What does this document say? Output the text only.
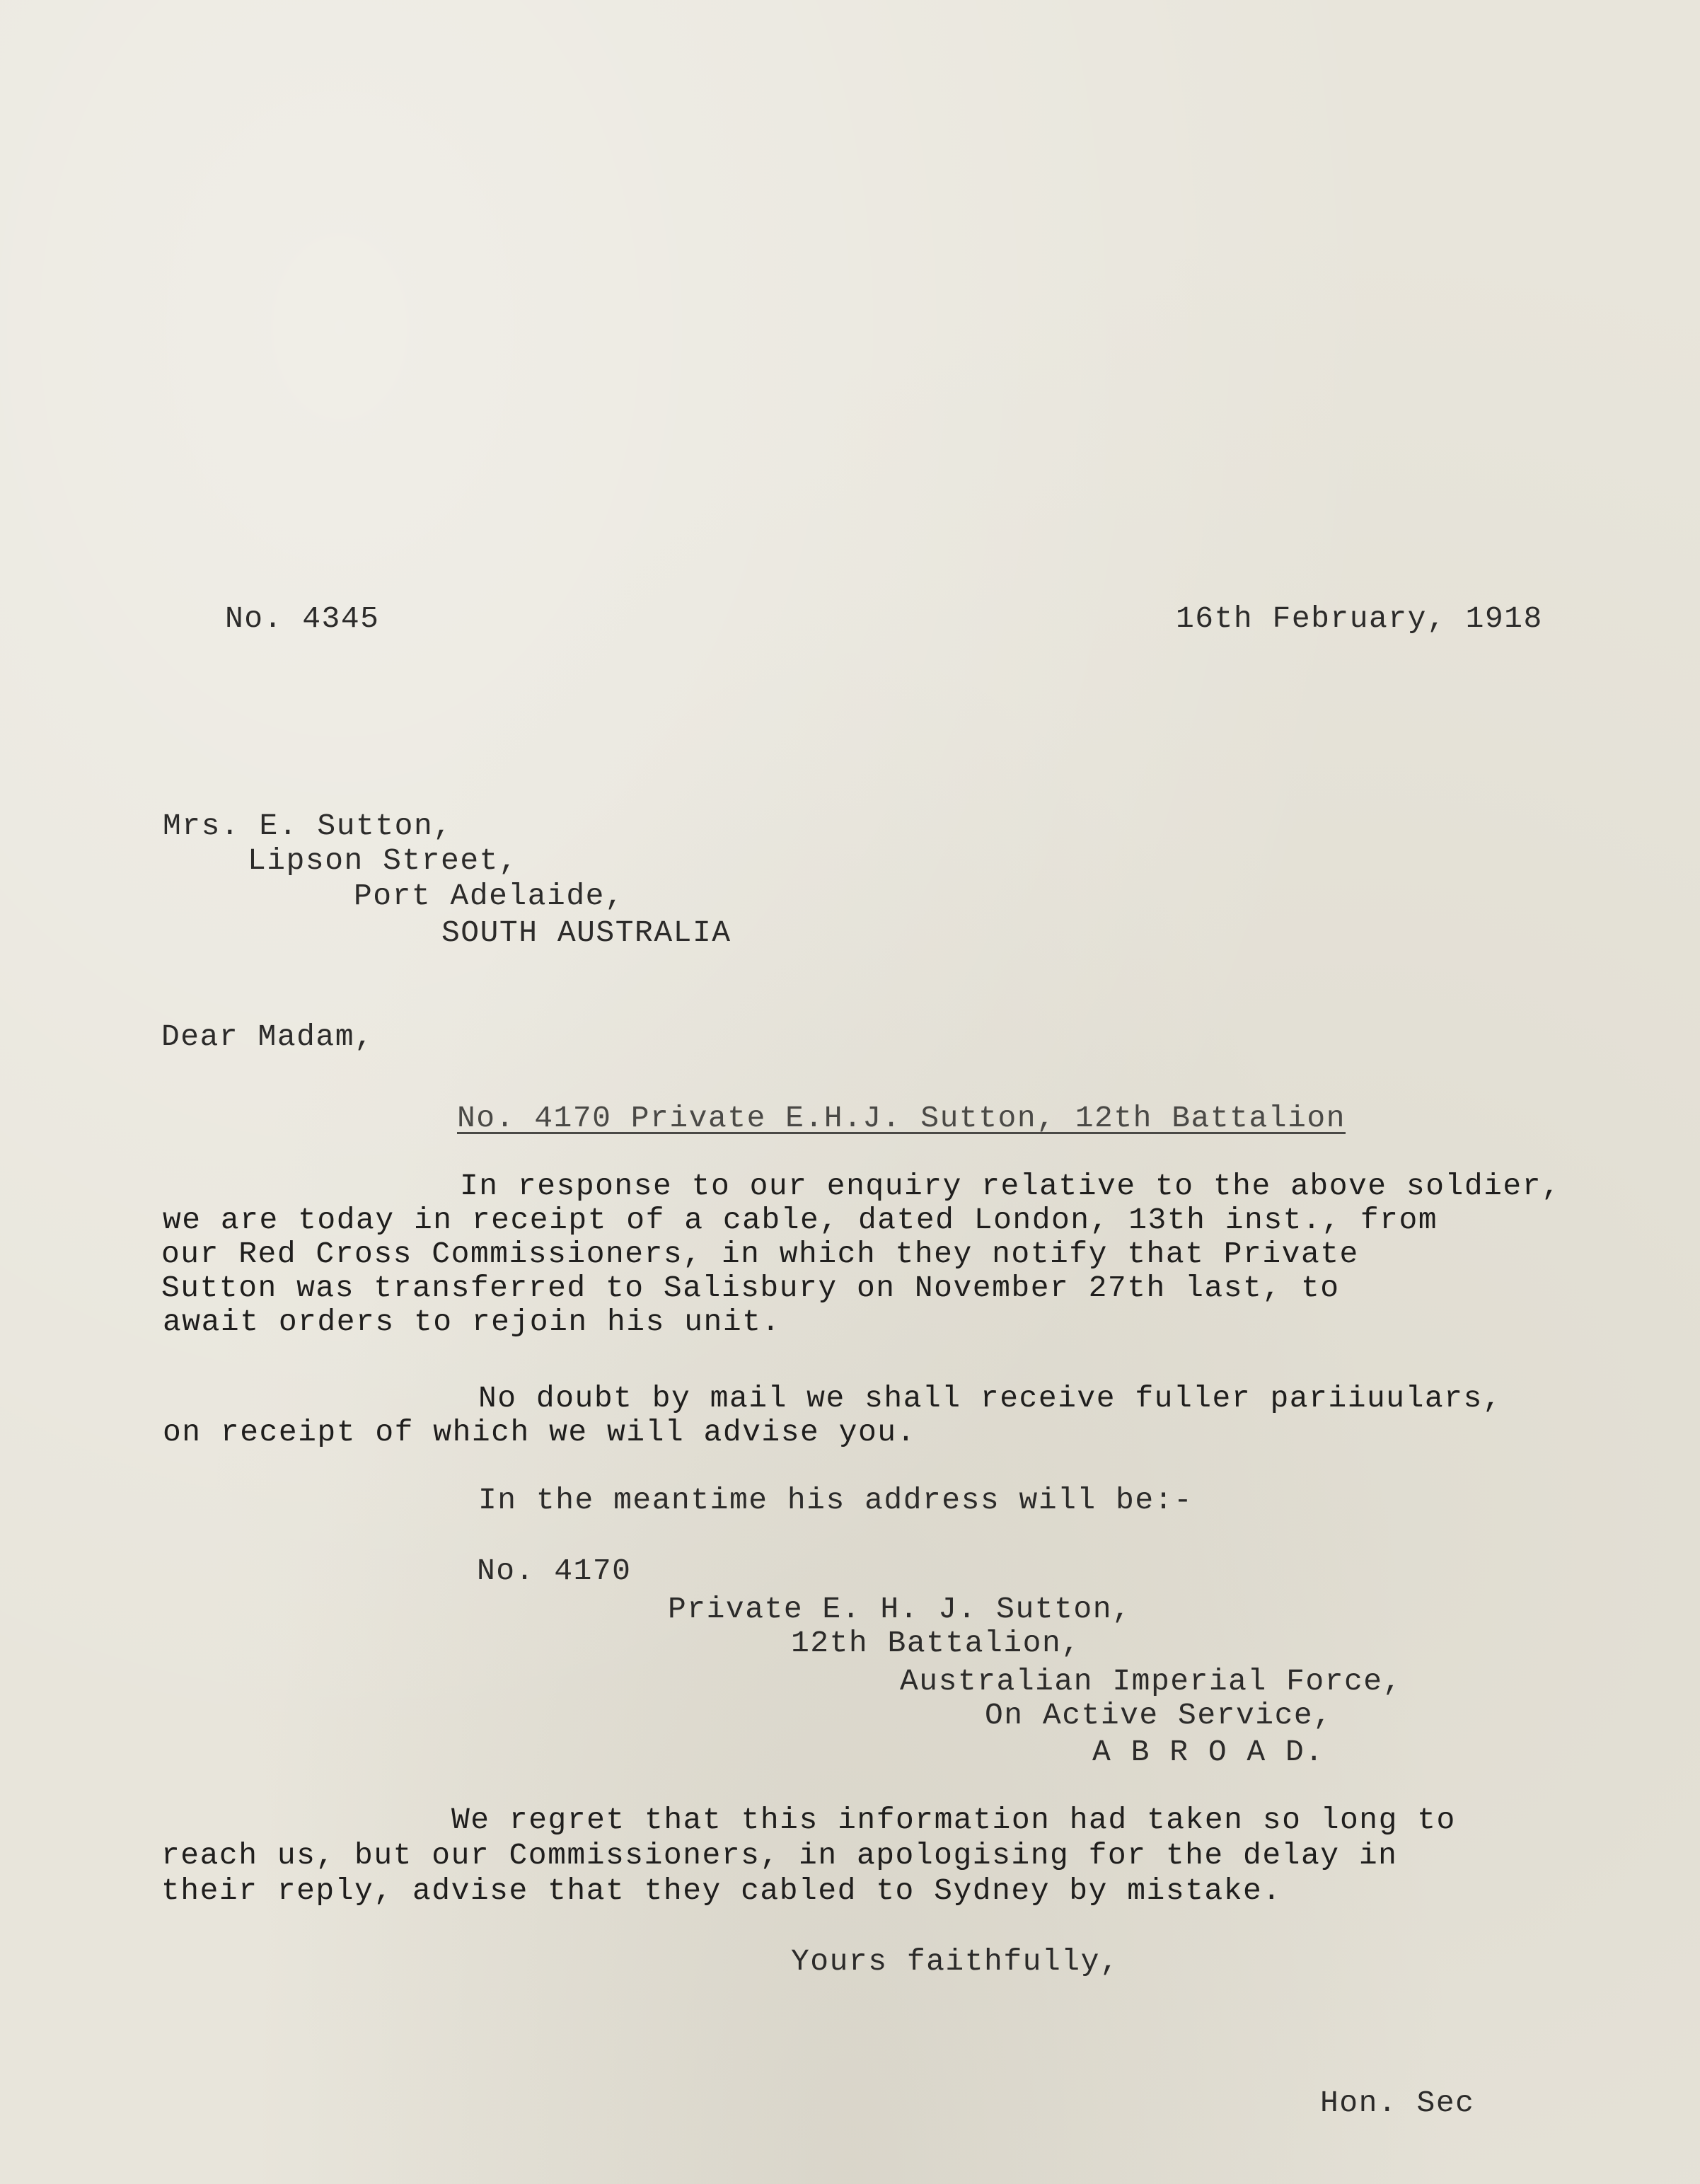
No. 4345	16th February, 1918
Mrs. E. Sutton,
Lipson Street,
Port Adelaide,
SOUTH AUSTRALIA
Dear Madam,
No. 4170 Private E.H.J. Sutton, 12th Battalion
In response to our enquiry relative to the above soldier,
we are today in receipt of a cable, dated London, 13th inst., from
our Red Cross Commissioners, in which they notify that Private
Sutton was transferred to Salisbury on November 27th last, to
await orders to rejoin his unit.
No doubt by mail we shall receive fuller pariiuulars,
on receipt of which we will advise you.
In the meantime his address will be:-
No. 4170
Private E. H. J. Sutton,
12th Battalion,
Australian Imperial Force,
On Active Service,
A B R O A D.
We regret that this information had taken so long to
reach us, but our Commissioners, in apologising for the delay in
their reply, advise that they cabled to Sydney by mistake.
Yours faithfully,
Hon. Sec
